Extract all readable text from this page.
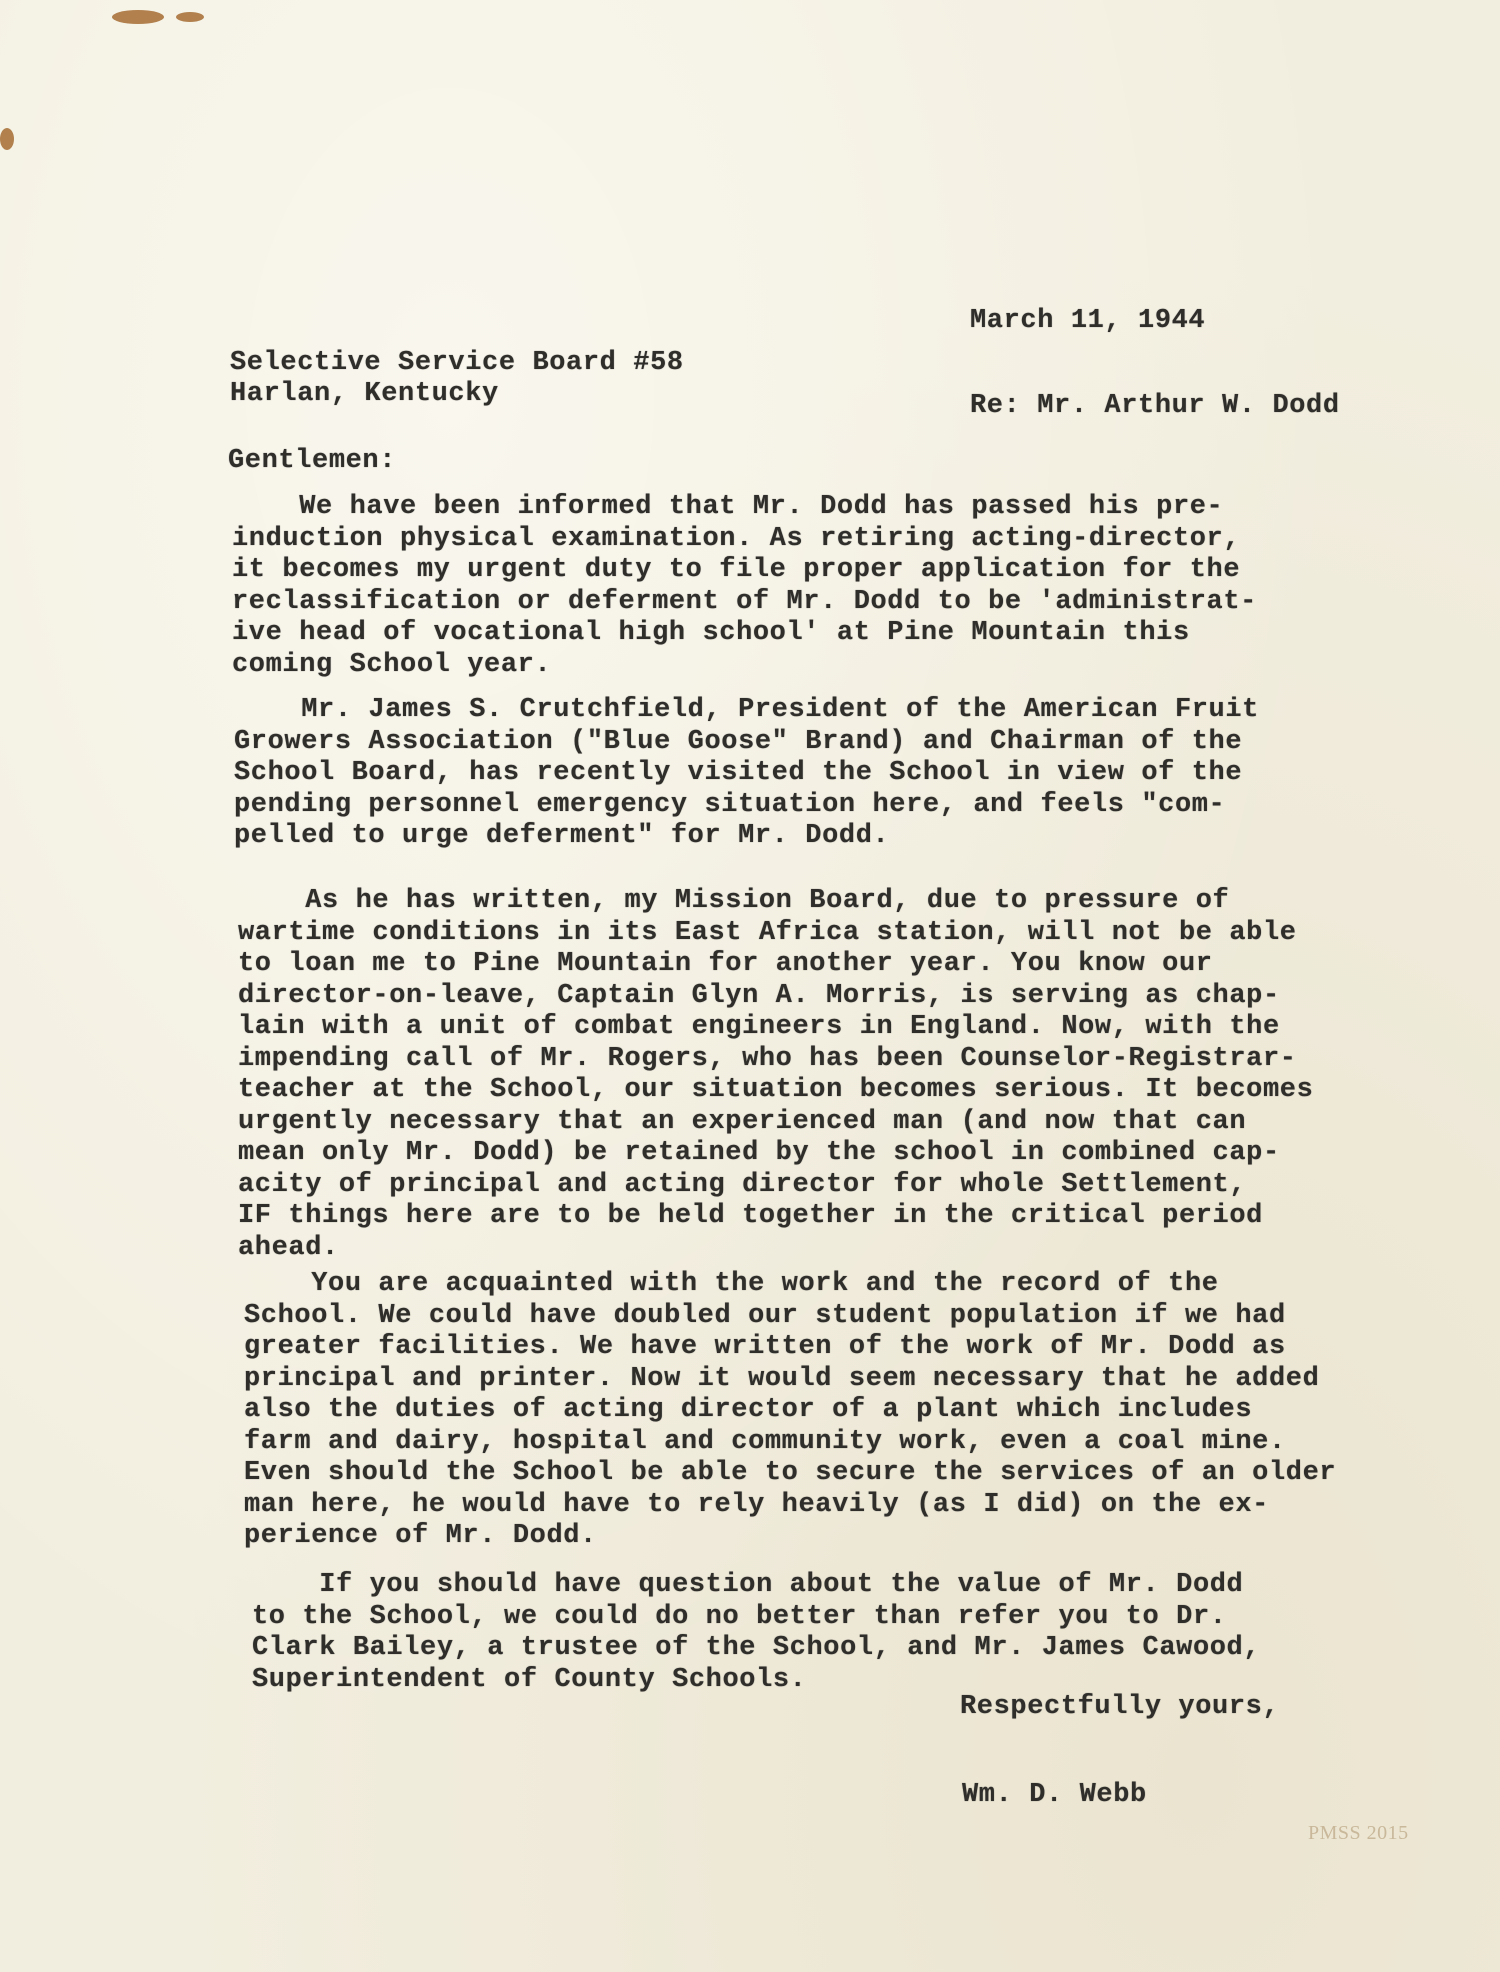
March 11, 1944
Selective Service Board #58
Harlan, Kentucky	Re: Mr. Arthur W. Dodd
Gentlemen:
We have been informed that Mr. Dodd has passed his pre-
induction physical examination. As retiring acting-director,
it becomes my urgent duty to file proper application for the
reclassification or deferment of Mr. Dodd to be 'administrat-
ive head of vocational high school' at Pine Mountain this
coming School year.
Mr. James S. Crutchfield, President of the American Fruit
Growers Association ("Blue Goose" Brand) and Chairman of the
School Board, has recently visited the School in view of the
pending personnel emergency situation here, and feels "com-
pelled to urge deferment" for Mr. Dodd.
As he has written, my Mission Board, due to pressure of
wartime conditions in its East Africa station, will not be able
to loan me to Pine Mountain for another year. You know our
director-on-leave, Captain Glyn A. Morris, is serving as chap-
lain with a unit of combat engineers in England. Now, with the
impending call of Mr. Rogers, who has been Counselor-Registrar-
teacher at the School, our situation becomes serious. It becomes
urgently necessary that an experienced man (and now that can
mean only Mr. Dodd) be retained by the school in combined cap-
acity of principal and acting director for whole Settlement,
IF things here are to be held together in the critical period
ahead.
You are acquainted with the work and the record of the
School. We could have doubled our student population if we had
greater facilities. We have written of the work of Mr. Dodd as
principal and printer. Now it would seem necessary that he added
also the duties of acting director of a plant which includes
farm and dairy, hospital and community work, even a coal mine.
Even should the School be able to secure the services of an older
man here, he would have to rely heavily (as I did) on the ex-
perience of Mr. Dodd.
If you should have question about the value of Mr. Dodd
to the School, we could do no better than refer you to Dr.
Clark Bailey, a trustee of the School, and Mr. James Cawood,
Superintendent of County Schools.
Respectfully yours,
Wm. D. Webb
PMSS 2015
